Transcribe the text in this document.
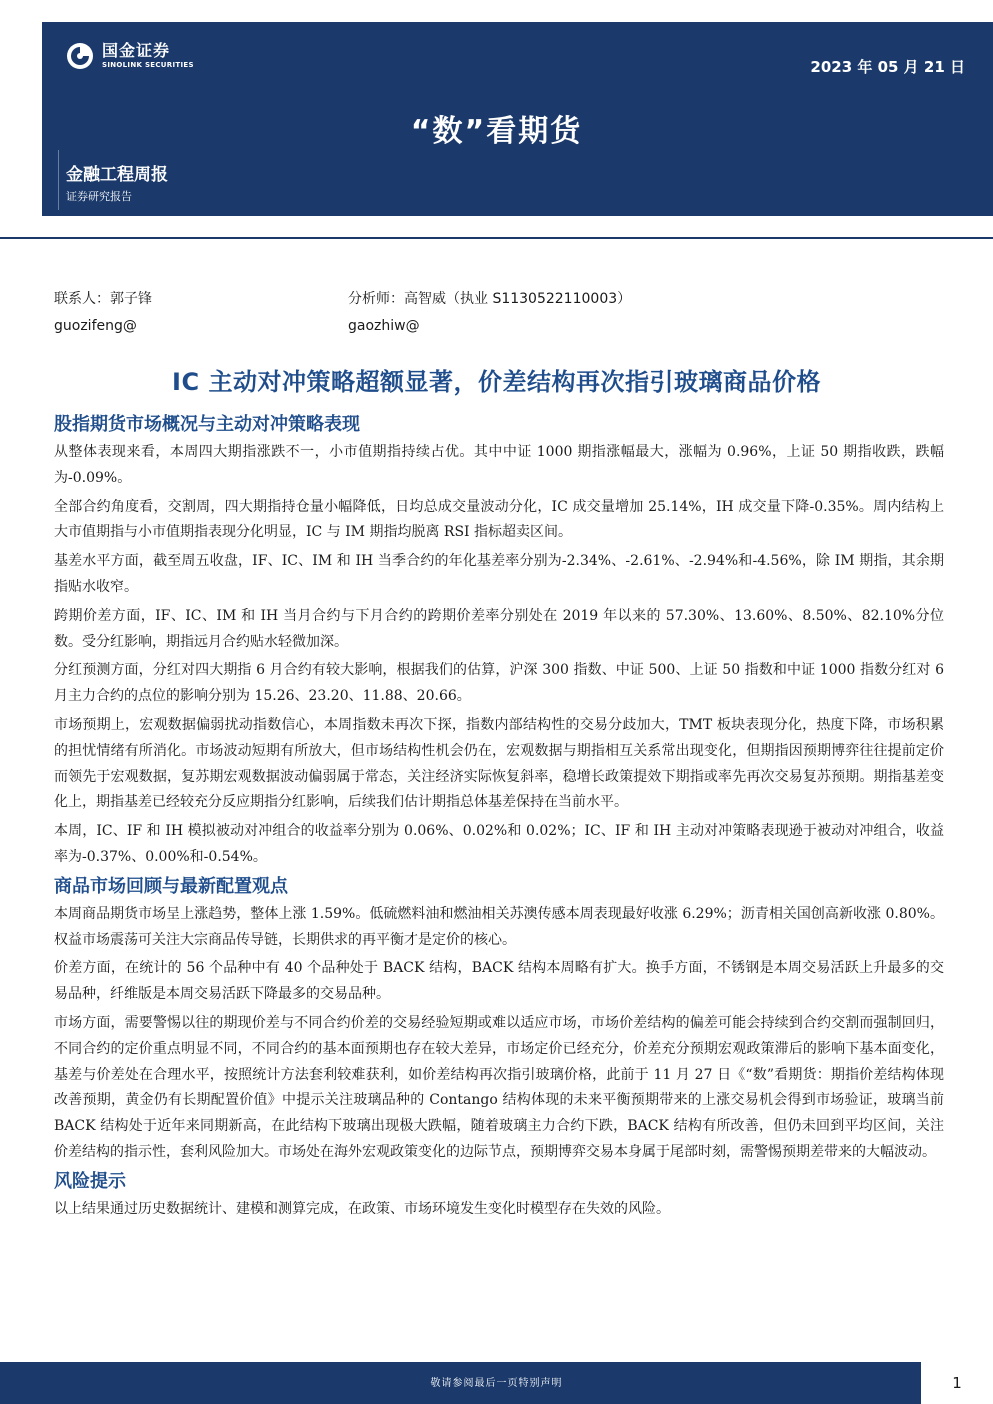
国金证券
SINOLINK SECURITIES	2023 年 05 月 21 日
“数”看期货
金融工程周报
证券研究报告
联系人：郭子锋	分析师：高智威（执业 S1130522110003）
guozifeng@	gaozhiw@
IC 主动对冲策略超额显著，价差结构再次指引玻璃商品价格
股指期货市场概况与主动对冲策略表现

从整体表现来看，本周四大期指涨跌不一，小市值期指持续占优。其中中证 1000 期指涨幅最大，涨幅为 0.96%，上证 50 期指收跌，跌幅为-0.09%。

全部合约角度看，交割周，四大期指持仓量小幅降低，日均总成交量波动分化，IC 成交量增加 25.14%，IH 成交量下降-0.35%。周内结构上大市值期指与小市值期指表现分化明显，IC 与 IM 期指均脱离 RSI 指标超卖区间。

基差水平方面，截至周五收盘，IF、IC、IM 和 IH 当季合约的年化基差率分别为-2.34%、-2.61%、-2.94%和-4.56%，除 IM 期指，其余期指贴水收窄。

跨期价差方面，IF、IC、IM 和 IH 当月合约与下月合约的跨期价差率分别处在 2019 年以来的 57.30%、13.60%、8.50%、82.10%分位数。受分红影响，期指远月合约贴水轻微加深。

分红预测方面，分红对四大期指 6 月合约有较大影响，根据我们的估算，沪深 300 指数、中证 500、上证 50 指数和中证 1000 指数分红对 6 月主力合约的点位的影响分别为 15.26、23.20、11.88、20.66。

市场预期上，宏观数据偏弱扰动指数信心，本周指数未再次下探，指数内部结构性的交易分歧加大，TMT 板块表现分化，热度下降，市场积累的担忧情绪有所消化。市场波动短期有所放大，但市场结构性机会仍在，宏观数据与期指相互关系常出现变化，但期指因预期博弈往往提前定价而领先于宏观数据，复苏期宏观数据波动偏弱属于常态，关注经济实际恢复斜率，稳增长政策提效下期指或率先再次交易复苏预期。期指基差变化上，期指基差已经较充分反应期指分红影响，后续我们估计期指总体基差保持在当前水平。

本周，IC、IF 和 IH 模拟被动对冲组合的收益率分别为 0.06%、0.02%和 0.02%；IC、IF 和 IH 主动对冲策略表现逊于被动对冲组合，收益率为-0.37%、0.00%和-0.54%。

商品市场回顾与最新配置观点

本周商品期货市场呈上涨趋势，整体上涨 1.59%。低硫燃料油和燃油相关苏澳传感本周表现最好收涨 6.29%；沥青相关国创高新收涨 0.80%。权益市场震荡可关注大宗商品传导链，长期供求的再平衡才是定价的核心。

价差方面，在统计的 56 个品种中有 40 个品种处于 BACK 结构，BACK 结构本周略有扩大。换手方面，不锈钢是本周交易活跃上升最多的交易品种，纤维版是本周交易活跃下降最多的交易品种。

市场方面，需要警惕以往的期现价差与不同合约价差的交易经验短期或难以适应市场，市场价差结构的偏差可能会持续到合约交割而强制回归，不同合约的定价重点明显不同，不同合约的基本面预期也存在较大差异，市场定价已经充分，价差充分预期宏观政策滞后的影响下基本面变化，基差与价差处在合理水平，按照统计方法套利较难获利，如价差结构再次指引玻璃价格，此前于 11 月 27 日《“数”看期货：期指价差结构体现改善预期，黄金仍有长期配置价值》中提示关注玻璃品种的 Contango 结构体现的未来平衡预期带来的上涨交易机会得到市场验证，玻璃当前 BACK 结构处于近年来同期新高，在此结构下玻璃出现极大跌幅，随着玻璃主力合约下跌，BACK 结构有所改善，但仍未回到平均区间，关注价差结构的指示性，套利风险加大。市场处在海外宏观政策变化的边际节点，预期博弈交易本身属于尾部时刻，需警惕预期差带来的大幅波动。

风险提示

以上结果通过历史数据统计、建模和测算完成，在政策、市场环境发生变化时模型存在失效的风险。

敬请参阅最后一页特别声明	1
